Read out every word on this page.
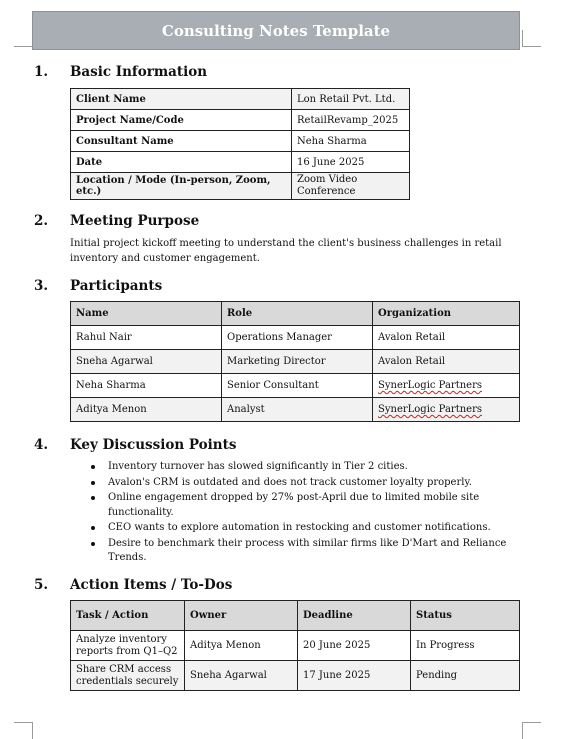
Consulting Notes Template
1.	Basic Information
Client Name	Lon Retail Pvt. Ltd.
Project Name/Code	RetailRevamp_2025
Consultant Name	Neha Sharma
Date	16 June 2025
Location / Mode (In-person, Zoom, etc.)	Zoom Video Conference
2.	Meeting Purpose
Initial project kickoff meeting to understand the client's business challenges in retail inventory and customer engagement.
3.	Participants
Name	Role	Organization
Rahul Nair	Operations Manager	Avalon Retail
Sneha Agarwal	Marketing Director	Avalon Retail
Neha Sharma	Senior Consultant	SynerLogic Partners
Aditya Menon	Analyst	SynerLogic Partners
4.	Key Discussion Points
Inventory turnover has slowed significantly in Tier 2 cities.
Avalon's CRM is outdated and does not track customer loyalty properly.
Online engagement dropped by 27% post-April due to limited mobile site functionality.
CEO wants to explore automation in restocking and customer notifications.
Desire to benchmark their process with similar firms like D'Mart and Reliance Trends.
5.	Action Items / To-Dos
Task / Action	Owner	Deadline	Status
Analyze inventory reports from Q1–Q2	Aditya Menon	20 June 2025	In Progress
Share CRM access credentials securely	Sneha Agarwal	17 June 2025	Pending
